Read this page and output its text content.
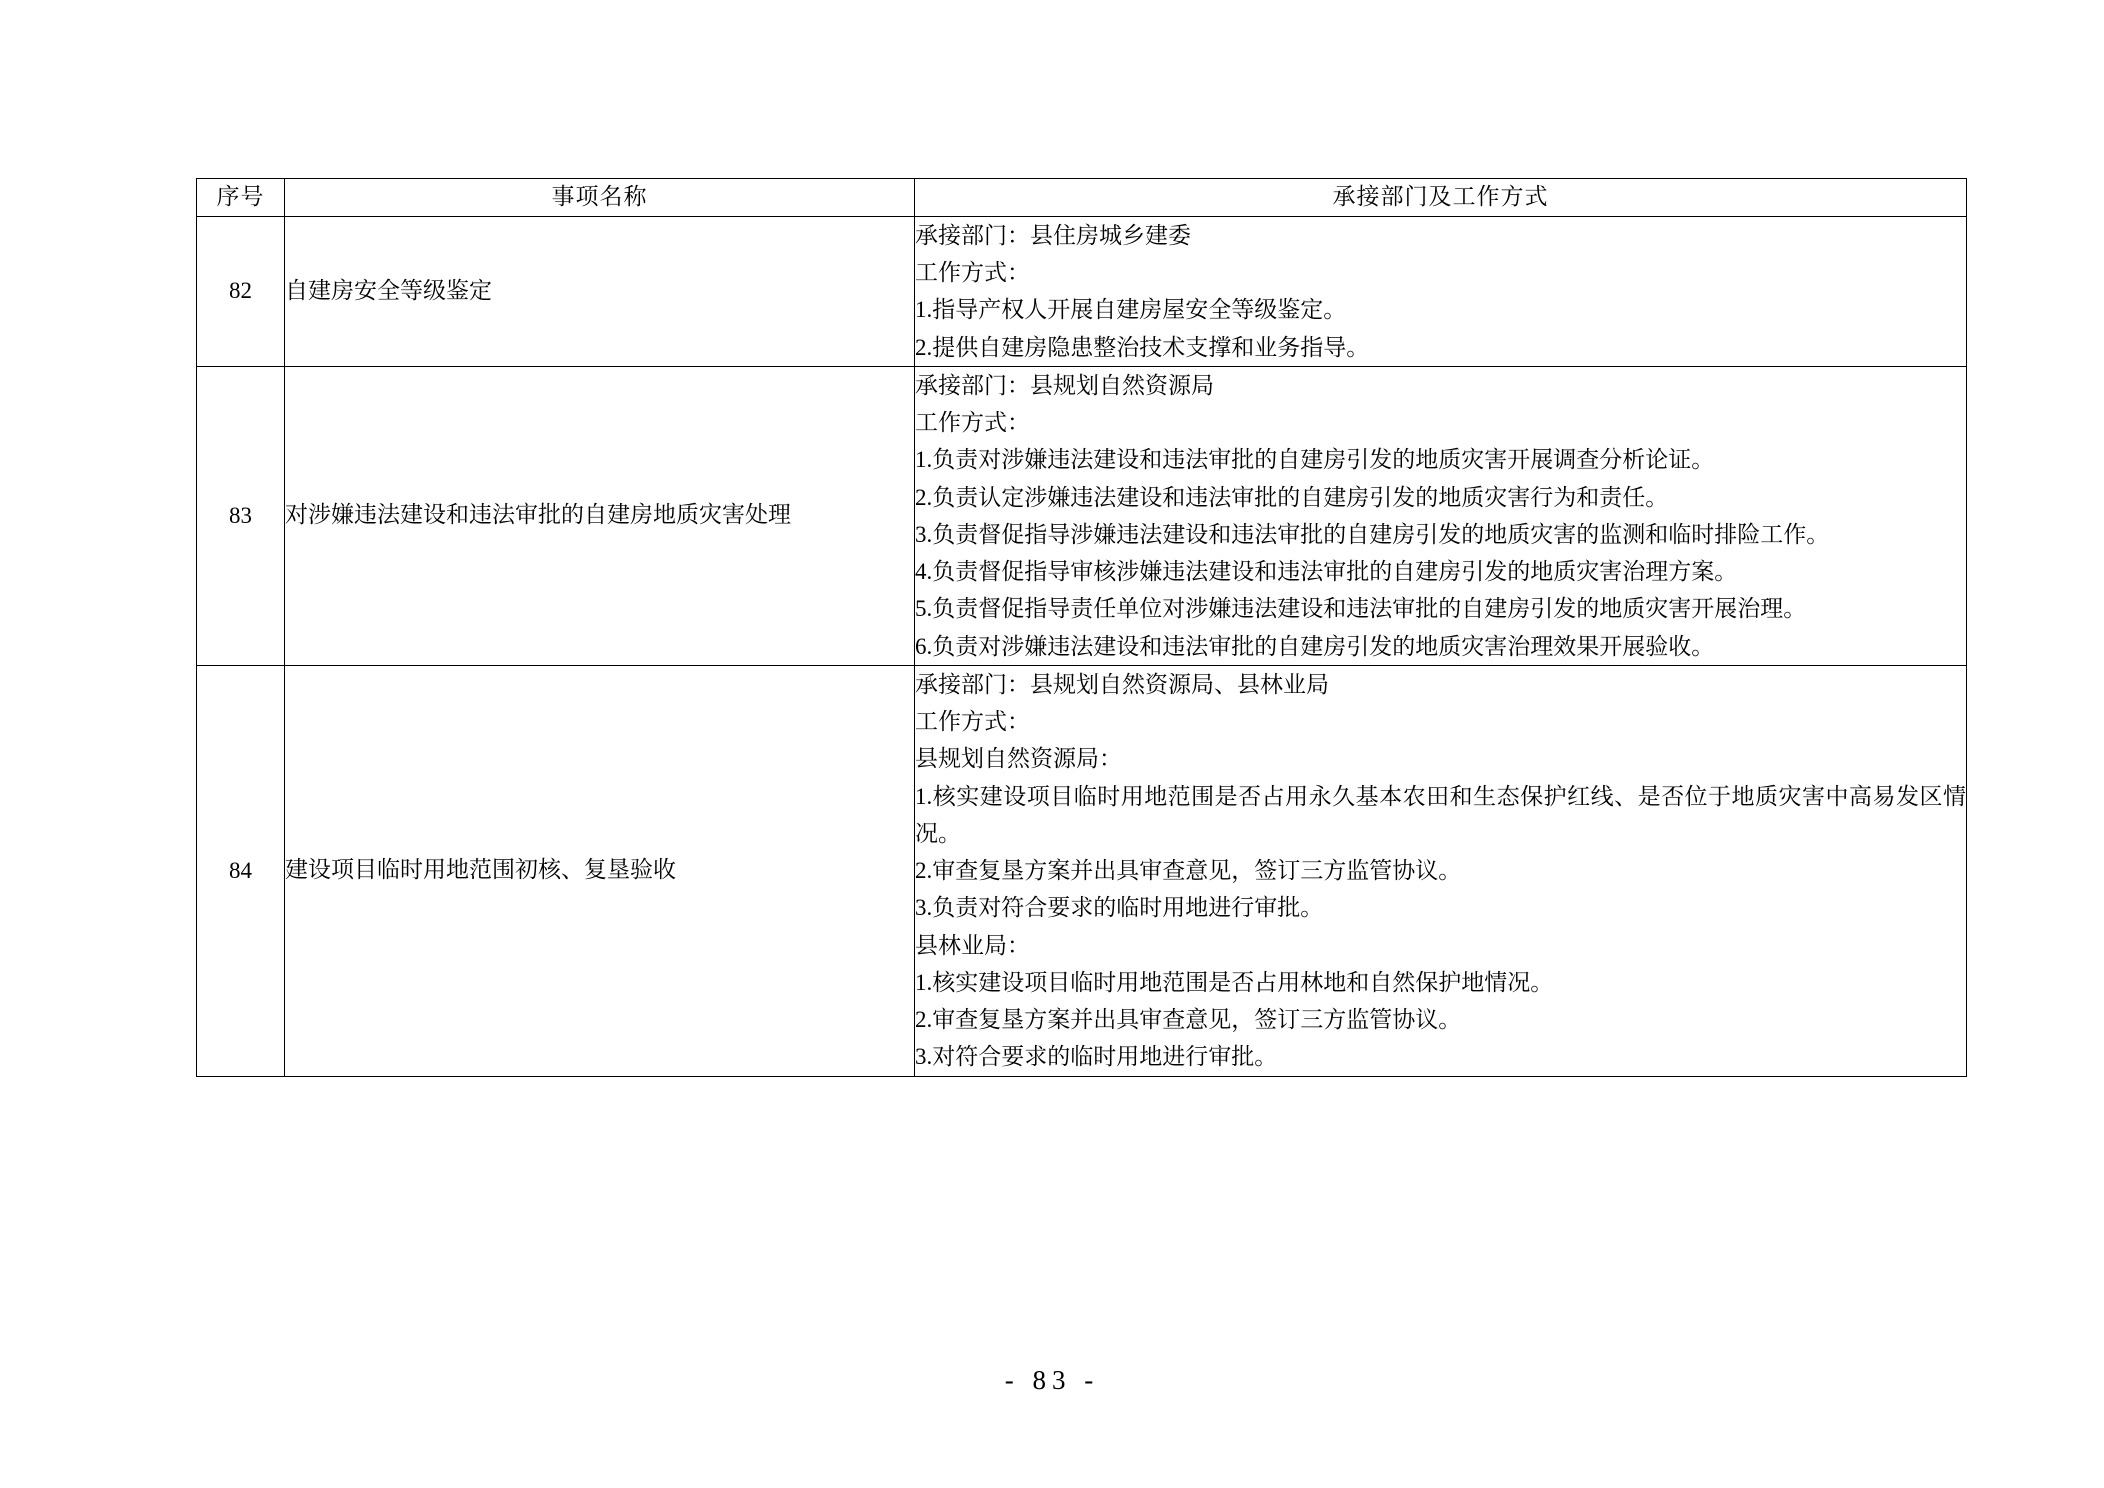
序号	事项名称	承接部门及工作方式
82	自建房安全等级鉴定	承接部门：县住房城乡建委

工作方式：

1.指导产权人开展自建房屋安全等级鉴定。

2.提供自建房隐患整治技术支撑和业务指导。

83	对涉嫌违法建设和违法审批的自建房地质灾害处理	

承接部门：县规划自然资源局

工作方式：

1.负责对涉嫌违法建设和违法审批的自建房引发的地质灾害开展调查分析论证。

2.负责认定涉嫌违法建设和违法审批的自建房引发的地质灾害行为和责任。

3.负责督促指导涉嫌违法建设和违法审批的自建房引发的地质灾害的监测和临时排险工作。

4.负责督促指导审核涉嫌违法建设和违法审批的自建房引发的地质灾害治理方案。

5.负责督促指导责任单位对涉嫌违法建设和违法审批的自建房引发的地质灾害开展治理。

6.负责对涉嫌违法建设和违法审批的自建房引发的地质灾害治理效果开展验收。

84	建设项目临时用地范围初核、复垦验收	

承接部门：县规划自然资源局、县林业局

工作方式：

县规划自然资源局：

1.核实建设项目临时用地范围是否占用永久基本农田和生态保护红线、是否位于地质灾害中高易发区情况。

2.审查复垦方案并出具审查意见，签订三方监管协议。

3.负责对符合要求的临时用地进行审批。

县林业局：

1.核实建设项目临时用地范围是否占用林地和自然保护地情况。

2.审查复垦方案并出具审查意见，签订三方监管协议。

3.对符合要求的临时用地进行审批。

- 83 -
